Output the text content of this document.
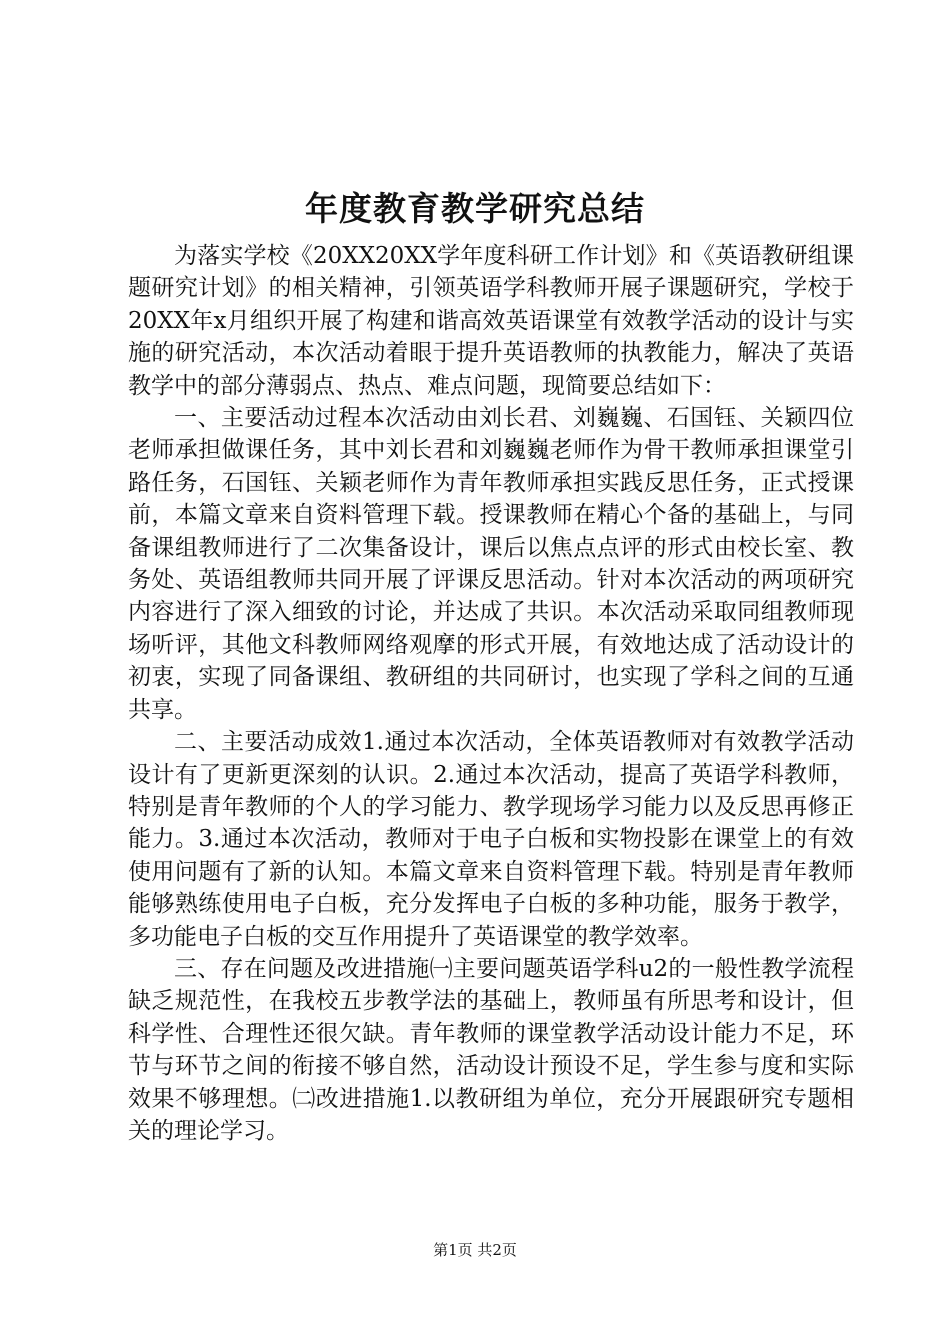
年度教育教学研究总结

为落实学校《20XX20XX学年度科研工作计划》和《英语教研组课题研究计划》的相关精神，引领英语学科教师开展子课题研究，学校于20XX年x月组织开展了构建和谐高效英语课堂有效教学活动的设计与实施的研究活动，本次活动着眼于提升英语教师的执教能力，解决了英语教学中的部分薄弱点、热点、难点问题，现简要总结如下：

一、主要活动过程本次活动由刘长君、刘巍巍、石国钰、关颖四位老师承担做课任务，其中刘长君和刘巍巍老师作为骨干教师承担课堂引路任务，石国钰、关颖老师作为青年教师承担实践反思任务，正式授课前，本篇文章来自资料管理下载。授课教师在精心个备的基础上，与同备课组教师进行了二次集备设计，课后以焦点点评的形式由校长室、教务处、英语组教师共同开展了评课反思活动。针对本次活动的两项研究内容进行了深入细致的讨论，并达成了共识。本次活动采取同组教师现场听评，其他文科教师网络观摩的形式开展，有效地达成了活动设计的初衷，实现了同备课组、教研组的共同研讨，也实现了学科之间的互通共享。

二、主要活动成效1.通过本次活动，全体英语教师对有效教学活动设计有了更新更深刻的认识。2.通过本次活动，提高了英语学科教师，特别是青年教师的个人的学习能力、教学现场学习能力以及反思再修正能力。3.通过本次活动，教师对于电子白板和实物投影在课堂上的有效使用问题有了新的认知。本篇文章来自资料管理下载。特别是青年教师能够熟练使用电子白板，充分发挥电子白板的多种功能，服务于教学，多功能电子白板的交互作用提升了英语课堂的教学效率。

三、存在问题及改进措施㈠主要问题英语学科u2的一般性教学流程缺乏规范性，在我校五步教学法的基础上，教师虽有所思考和设计，但科学性、合理性还很欠缺。青年教师的课堂教学活动设计能力不足，环节与环节之间的衔接不够自然，活动设计预设不足，学生参与度和实际效果不够理想。㈡改进措施1.以教研组为单位，充分开展跟研究专题相关的理论学习。

第1页 共2页
